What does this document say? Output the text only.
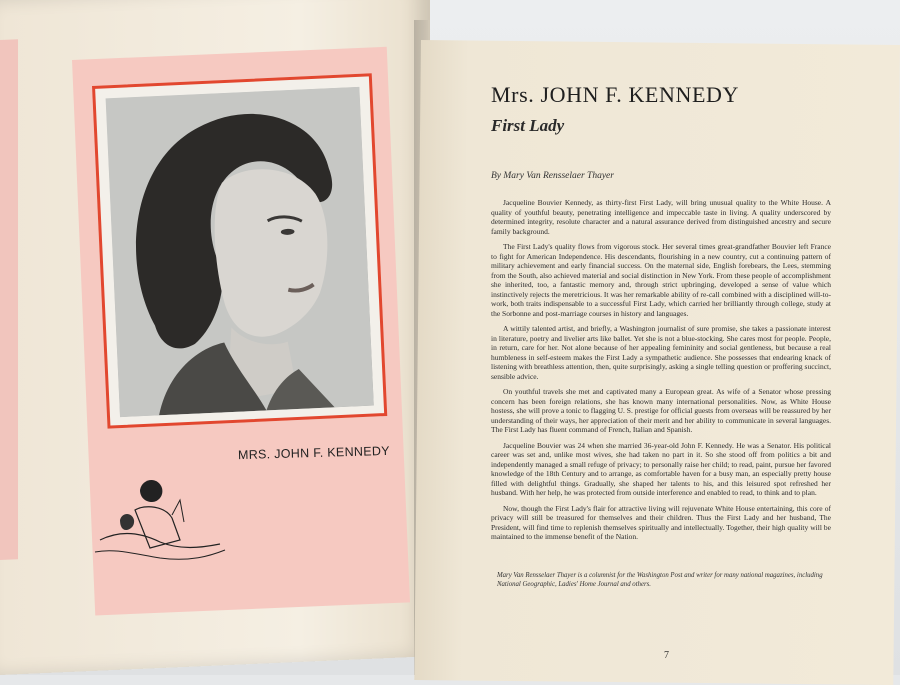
MRS. JOHN F. KENNEDY
Mrs. JOHN F. KENNEDY
First Lady
By Mary Van Rensselaer Thayer

Jacqueline Bouvier Kennedy, as thirty-first First Lady, will bring unusual quality to the White House. A quality of youthful beauty, penetrating intelligence and impeccable taste in living. A quality underscored by determined integrity, resolute character and a natural assurance derived from distinguished ancestry and secure family background.

The First Lady's quality flows from vigorous stock. Her several times great-grandfather Bouvier left France to fight for American Independence. His descendants, flourishing in a new country, cut a continuing pattern of military achievement and early financial success. On the maternal side, English forebears, the Lees, stemming from the South, also achieved material and social distinction in New York. From these people of accomplishment she inherited, too, a fantastic memory and, through strict upbringing, developed a sense of value which instinctively rejects the meretricious. It was her remarkable ability of re-call combined with a disciplined will-to-work, both traits indispensable to a successful First Lady, which carried her brilliantly through college, study at the Sorbonne and post-marriage courses in history and languages.

A wittily talented artist, and briefly, a Washington journalist of sure promise, she takes a passionate interest in literature, poetry and livelier arts like ballet. Yet she is not a blue-stocking. She cares most for people. People, in return, care for her. Not alone because of her appealing femininity and social gentleness, but because a real humbleness in self-esteem makes the First Lady a sympathetic audience. She possesses that endearing knack of listening with breathless attention, then, quite surprisingly, asking a single telling question or proffering succinct, sensible advice.

On youthful travels she met and captivated many a European great. As wife of a Senator whose pressing concern has been foreign relations, she has known many international personalities. Now, as White House hostess, she will prove a tonic to flagging U. S. prestige for official guests from overseas will be reassured by her understanding of their ways, her appreciation of their merit and her ability to communicate in several languages. The First Lady has fluent command of French, Italian and Spanish.

Jacqueline Bouvier was 24 when she married 36-year-old John F. Kennedy. He was a Senator. His political career was set and, unlike most wives, she had taken no part in it. So she stood off from politics a bit and independently managed a small refuge of privacy; to personally raise her child; to read, paint, pursue her favored knowledge of the 18th Century and to arrange, as comfortable haven for a busy man, an especially pretty house filled with delightful things. Gradually, she shaped her talents to his, and this leisured spot refreshed her husband. With her help, he was protected from outside interference and enabled to read, to think and to plan.

Now, though the First Lady's flair for attractive living will rejuvenate White House entertaining, this core of privacy will still be treasured for themselves and their children. Thus the First Lady and her husband, The President, will find time to replenish themselves spiritually and intellectually. Together, their high quality will be maintained to the immense benefit of the Nation.

Mary Van Rensselaer Thayer is a columnist for the Washington Post and writer for many national magazines, including National Geographic, Ladies' Home Journal and others.
7
